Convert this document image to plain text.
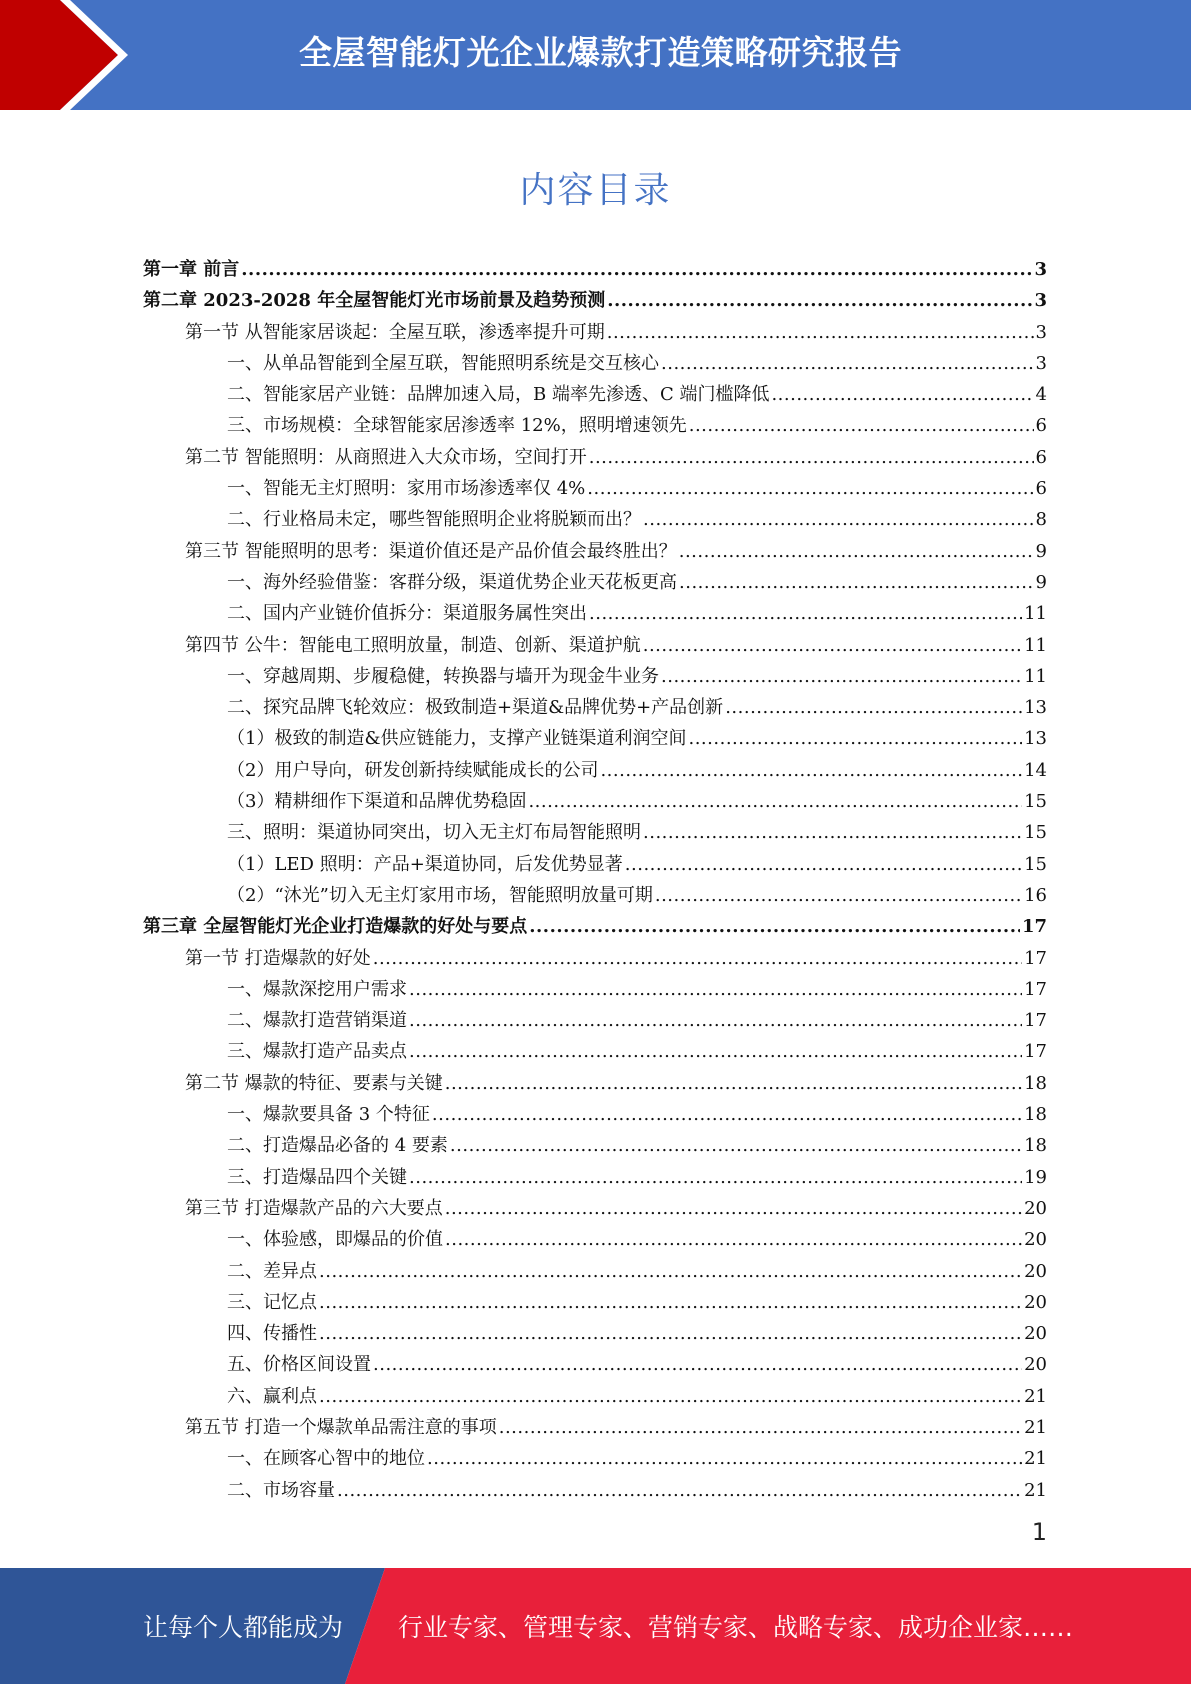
全屋智能灯光企业爆款打造策略研究报告
内容目录
第一章 前言 .....	3
第二章 2023-2028 年全屋智能灯光市场前景及趋势预测 .....	3
第一节 从智能家居谈起：全屋互联，渗透率提升可期 .....	3
一、从单品智能到全屋互联，智能照明系统是交互核心 .....	3
二、智能家居产业链：品牌加速入局，B 端率先渗透、C 端门槛降低 .....	4
三、市场规模：全球智能家居渗透率 12%，照明增速领先 .....	6
第二节 智能照明：从商照进入大众市场，空间打开 .....	6
一、智能无主灯照明：家用市场渗透率仅 4% .....	6
二、行业格局未定，哪些智能照明企业将脱颖而出？ .....	8
第三节 智能照明的思考：渠道价值还是产品价值会最终胜出？ .....	9
一、海外经验借鉴：客群分级，渠道优势企业天花板更高 .....	9
二、国内产业链价值拆分：渠道服务属性突出 .....	11
第四节 公牛：智能电工照明放量，制造、创新、渠道护航 .....	11
一、穿越周期、步履稳健，转换器与墙开为现金牛业务 .....	11
二、探究品牌飞轮效应：极致制造+渠道&品牌优势+产品创新 .....	13
（1）极致的制造&供应链能力，支撑产业链渠道利润空间 .....	13
（2）用户导向，研发创新持续赋能成长的公司 .....	14
（3）精耕细作下渠道和品牌优势稳固 .....	15
三、照明：渠道协同突出，切入无主灯布局智能照明 .....	15
（1）LED 照明：产品+渠道协同，后发优势显著 .....	15
（2）“沐光”切入无主灯家用市场，智能照明放量可期 .....	16
第三章 全屋智能灯光企业打造爆款的好处与要点 .....	17
第一节 打造爆款的好处 .....	17
一、爆款深挖用户需求 .....	17
二、爆款打造营销渠道 .....	17
三、爆款打造产品卖点 .....	17
第二节 爆款的特征、要素与关键 .....	18
一、爆款要具备 3 个特征 .....	18
二、打造爆品必备的 4 要素 .....	18
三、打造爆品四个关键 .....	19
第三节 打造爆款产品的六大要点 .....	20
一、体验感，即爆品的价值 .....	20
二、差异点 .....	20
三、记忆点 .....	20
四、传播性 .....	20
五、价格区间设置 .....	20
六、赢利点 .....	21
第五节 打造一个爆款单品需注意的事项 .....	21
一、在顾客心智中的地位 .....	21
二、市场容量 .....	21
1
让每个人都能成为 行业专家、管理专家、营销专家、战略专家、成功企业家……
